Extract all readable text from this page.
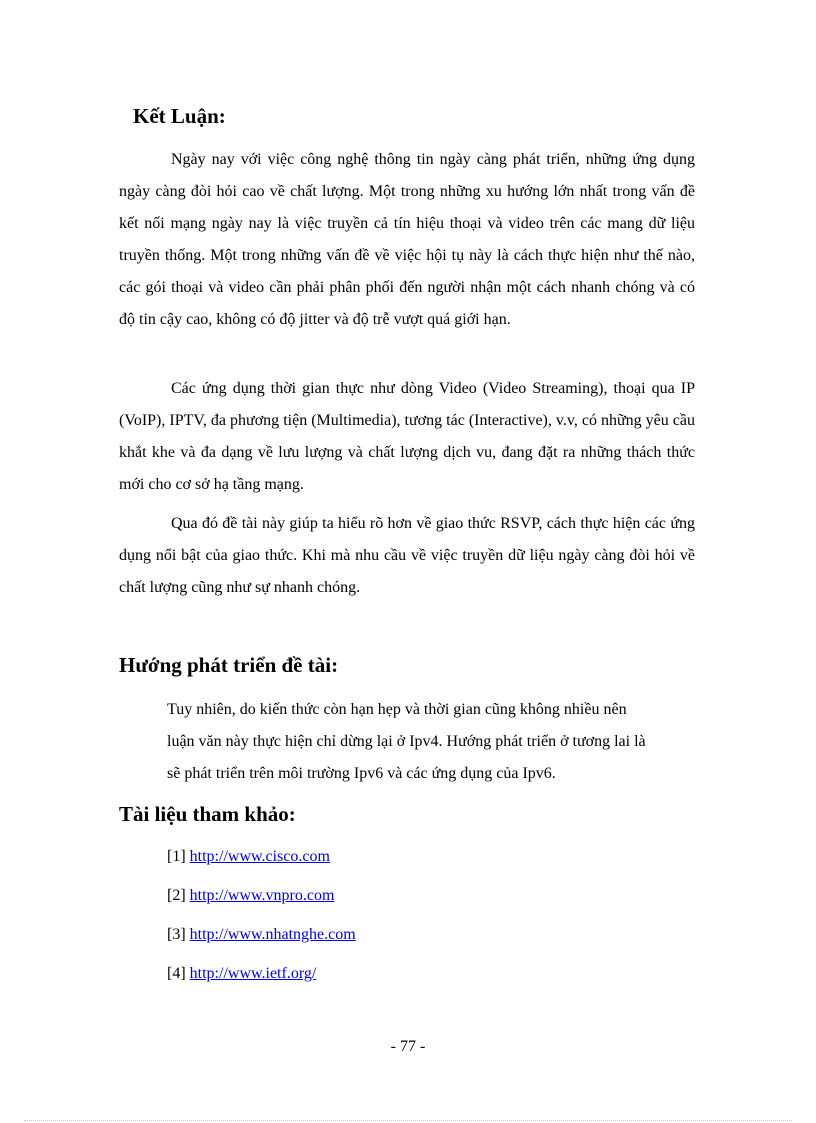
Kết Luận:

Ngày nay với việc công nghệ thông tin ngày càng phát triển, những ứng dụng ngày càng đòi hỏi cao về chất lượng. Một trong những xu hướng lớn nhất trong vấn đề kết nối mạng ngày nay là việc truyền cả tín hiệu thoại và video trên các mang dữ liệu truyền thống. Một trong những vấn đề về việc hội tụ này là cách thực hiện như thế nào, các gói thoại và video cần phải phân phối đến người nhận một cách nhanh chóng và có độ tin cậy cao, không có độ jitter và độ trễ vượt quá giới hạn.

Các ứng dụng thời gian thực như dòng Video (Video Streaming), thoại qua IP (VoIP), IPTV, đa phương tiện (Multimedia), tương tác (Interactive), v.v, có những yêu cầu khắt khe và đa dạng về lưu lượng và chất lượng dịch vu, đang đặt ra những thách thức mới cho cơ sở hạ tầng mạng.

Qua đó đề tài này giúp ta hiểu rõ hơn về giao thức RSVP, cách thực hiện các ứng dụng nổi bật của giao thức. Khi mà nhu cầu về việc truyền dữ liệu ngày càng đòi hỏi về chất lượng cũng như sự nhanh chóng.

Hướng phát triển đề tài:
Tuy nhiên, do kiến thức còn hạn hẹp và thời gian cũng không nhiều nên
luận văn này thực hiện chỉ dừng lại ở Ipv4. Hướng phát triển ở tương lai là
sẽ phát triển trên môi trường Ipv6 và các ứng dụng của Ipv6.
Tài liệu tham khảo:
[1] http://www.cisco.com
[2] http://www.vnpro.com
[3] http://www.nhatnghe.com
[4] http://www.ietf.org/
- 77 -
